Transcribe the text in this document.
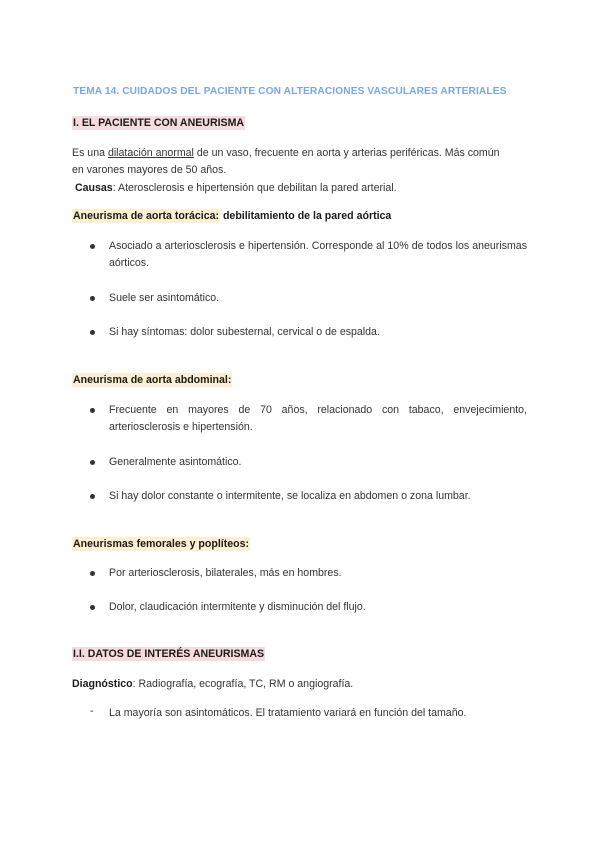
TEMA 14. CUIDADOS DEL PACIENTE CON ALTERACIONES VASCULARES ARTERIALES
I. EL PACIENTE CON ANEURISMA
Es una dilatación anormal de un vaso, frecuente en aorta y arterias periféricas. Más común
en varones mayores de 50 años.
Causas: Aterosclerosis e hipertensión que debilitan la pared arterial.
Aneurisma de aorta torácica: debilitamiento de la pared aórtica
Asociado a arteriosclerosis e hipertensión. Corresponde al 10% de todos los aneurismas aórticos.
Suele ser asintomático.
Si hay síntomas: dolor subesternal, cervical o de espalda.
Aneurisma de aorta abdominal:
Frecuente en mayores de 70 años, relacionado con tabaco, envejecimiento, arteriosclerosis e hipertensión.
Generalmente asintomático.
Si hay dolor constante o intermitente, se localiza en abdomen o zona lumbar.
Aneurismas femorales y poplíteos:
Por arteriosclerosis, bilaterales, más en hombres.
Dolor, claudicación intermitente y disminución del flujo.
I.I. DATOS DE INTERÉS ANEURISMAS
Diagnóstico: Radiografía, ecografía, TC, RM o angiografía.
- La mayoría son asintomáticos. El tratamiento variará en función del tamaño.
